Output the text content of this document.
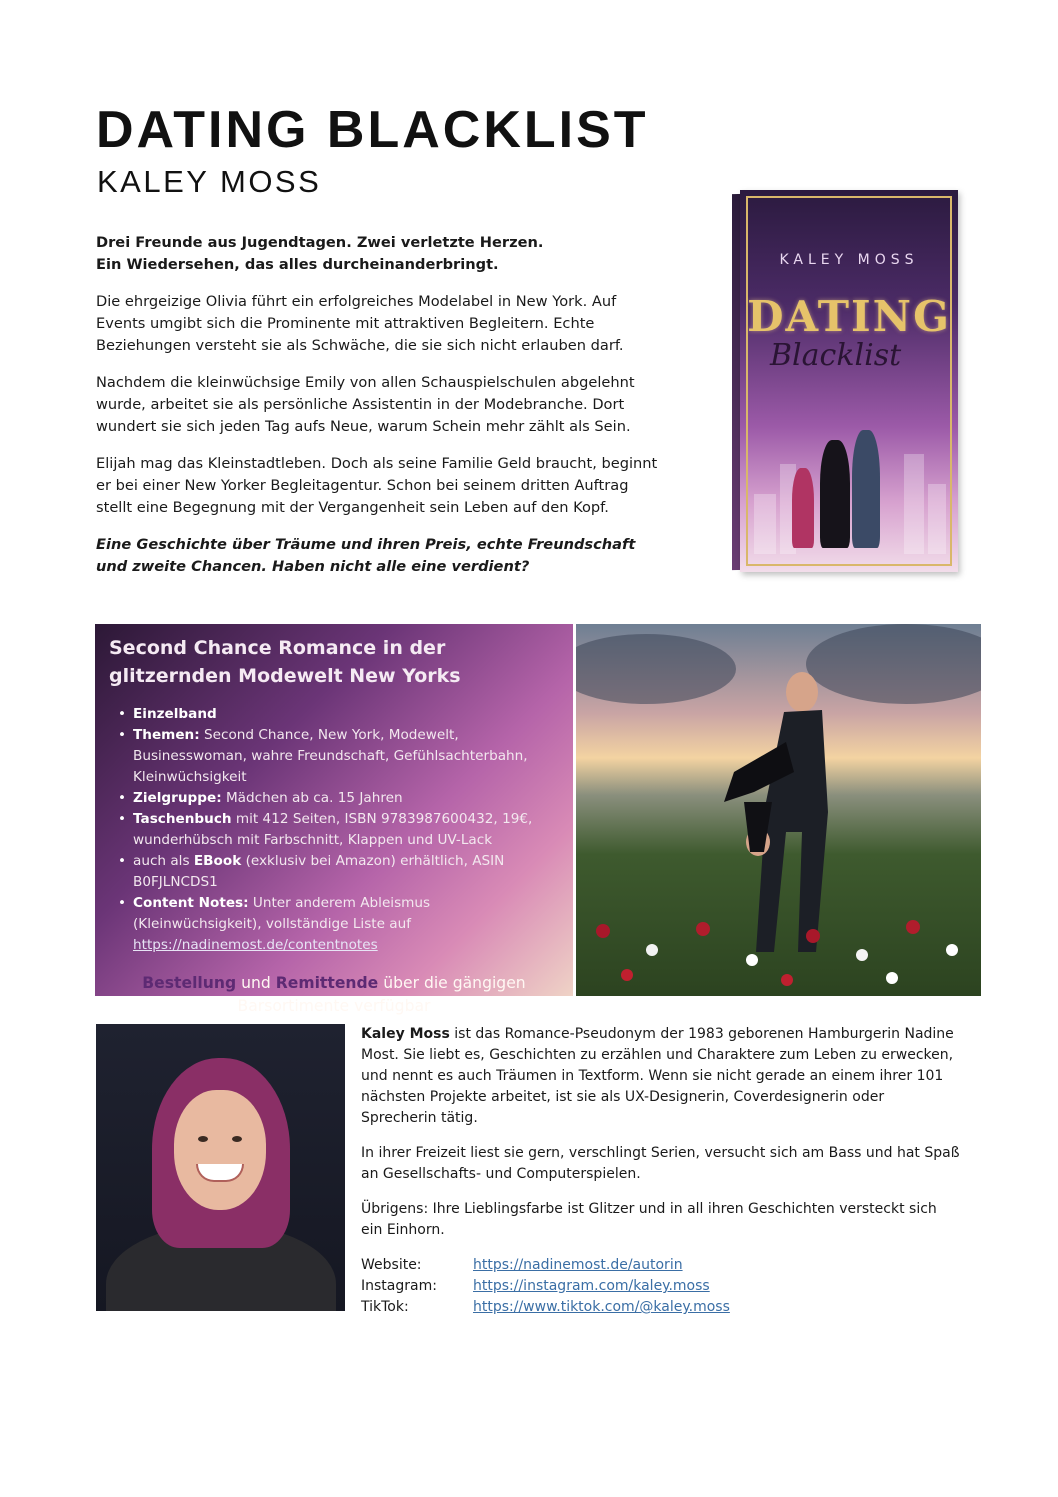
DATING BLACKLIST
KALEY MOSS

Drei Freunde aus Jugendtagen. Zwei verletzte Herzen.
Ein Wiedersehen, das alles durcheinanderbringt.

Die ehrgeizige Olivia führt ein erfolgreiches Modelabel in New York. Auf Events umgibt sich die Prominente mit attraktiven Begleitern. Echte Beziehungen versteht sie als Schwäche, die sie sich nicht erlauben darf.

Nachdem die kleinwüchsige Emily von allen Schauspielschulen abgelehnt wurde, arbeitet sie als persönliche Assistentin in der Modebranche. Dort wundert sie sich jeden Tag aufs Neue, warum Schein mehr zählt als Sein.

Elijah mag das Kleinstadtleben. Doch als seine Familie Geld braucht, beginnt er bei einer New Yorker Begleitagentur. Schon bei seinem dritten Auftrag stellt eine Begegnung mit der Vergangenheit sein Leben auf den Kopf.

Eine Geschichte über Träume und ihren Preis, echte Freundschaft und zweite Chancen. Haben nicht alle eine verdient?

KALEY MOSS
DATING
Blacklist
Second Chance Romance in der glitzernden Modewelt New Yorks
• Einzelband
• Themen: Second Chance, New York, Modewelt, Businesswoman, wahre Freundschaft, Gefühlsachterbahn, Kleinwüchsigkeit
• Zielgruppe: Mädchen ab ca. 15 Jahren
• Taschenbuch mit 412 Seiten, ISBN 9783987600432, 19€, wunderhübsch mit Farbschnitt, Klappen und UV-Lack
• auch als EBook (exklusiv bei Amazon) erhältlich, ASIN B0FJLNCDS1
• Content Notes: Unter anderem Ableismus (Kleinwüchsigkeit), vollständige Liste auf https://nadinemost.de/contentnotes
Bestellung und Remittende über die gängigen Barsortimente verfügbar

Kaley Moss ist das Romance-Pseudonym der 1983 geborenen Hamburgerin Nadine Most. Sie liebt es, Geschichten zu erzählen und Charaktere zum Leben zu erwecken, und nennt es auch Träumen in Textform. Wenn sie nicht gerade an einem ihrer 101 nächsten Projekte arbeitet, ist sie als UX-Designerin, Coverdesignerin oder Sprecherin tätig.

In ihrer Freizeit liest sie gern, verschlingt Serien, versucht sich am Bass und hat Spaß an Gesellschafts- und Computerspielen.

Übrigens: Ihre Lieblingsfarbe ist Glitzer und in all ihren Geschichten versteckt sich ein Einhorn.

Website:	https://nadinemost.de/autorin
Instagram:	https://instagram.com/kaley.moss
TikTok:	https://www.tiktok.com/@kaley.moss
